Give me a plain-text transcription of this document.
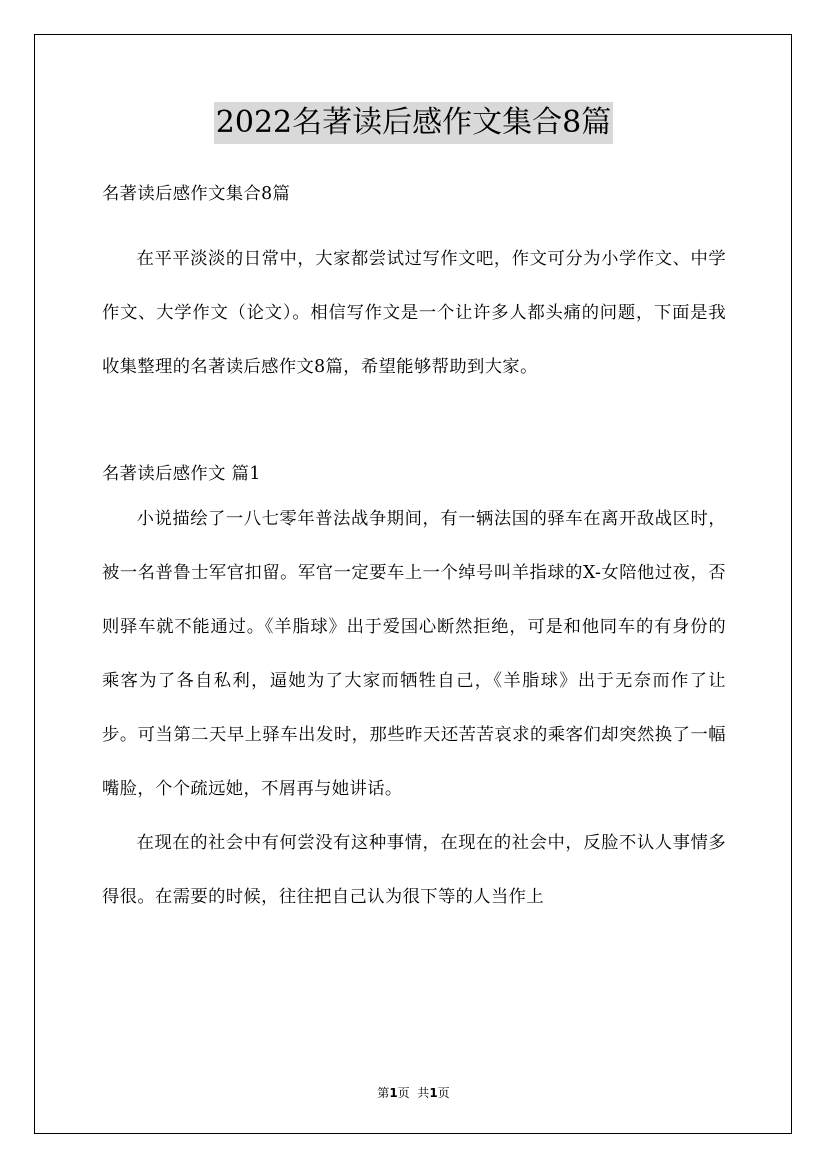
2022名著读后感作文集合8篇

名著读后感作文集合8篇

在平平淡淡的日常中，大家都尝试过写作文吧，作文可分为小学作文、中学作文、大学作文（论文）。相信写作文是一个让许多人都头痛的问题，下面是我收集整理的名著读后感作文8篇，希望能够帮助到大家。

名著读后感作文 篇1

小说描绘了一八七零年普法战争期间，有一辆法国的驿车在离开敌战区时，被一名普鲁士军官扣留。军官一定要车上一个绰号叫羊指球的X-女陪他过夜，否则驿车就不能通过。《羊脂球》出于爱国心断然拒绝，可是和他同车的有身份的乘客为了各自私利，逼她为了大家而牺牲自己，《羊脂球》出于无奈而作了让步。可当第二天早上驿车出发时，那些昨天还苦苦哀求的乘客们却突然换了一幅嘴脸，个个疏远她，不屑再与她讲话。

在现在的社会中有何尝没有这种事情，在现在的社会中，反脸不认人事情多得很。在需要的时候，往往把自己认为很下等的人当作上

第1页  共1页
